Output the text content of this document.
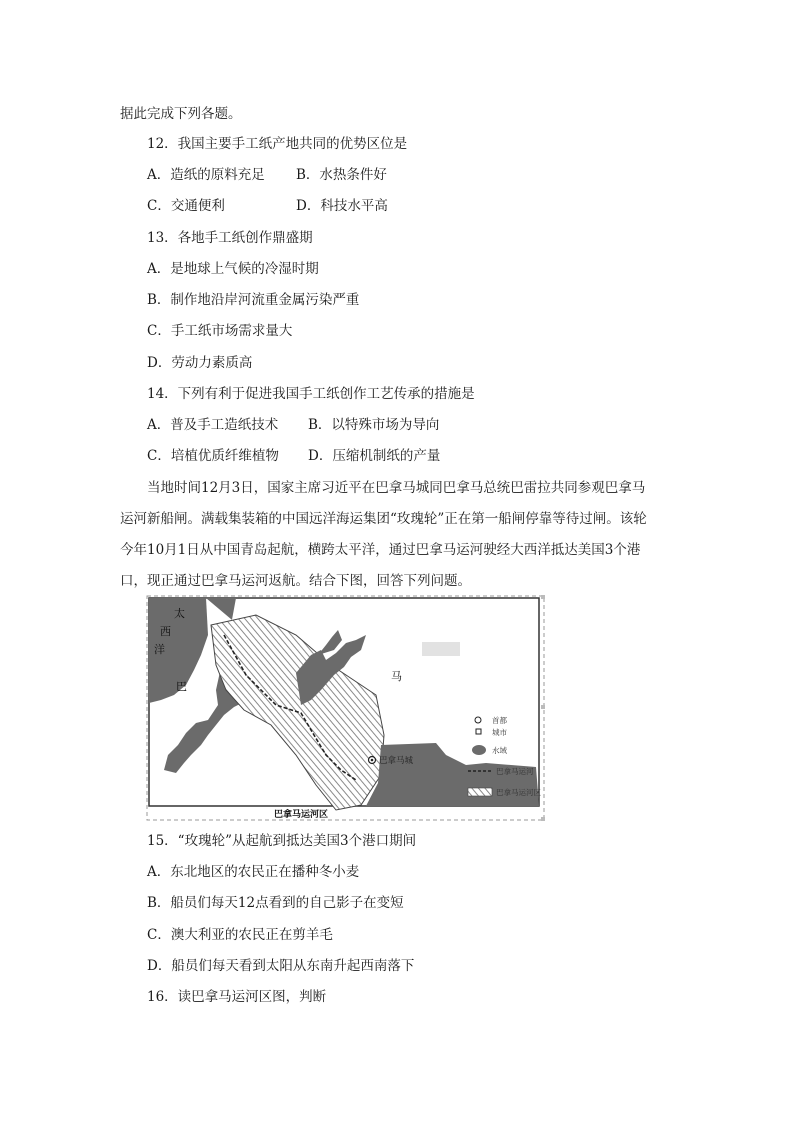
据此完成下列各题。
12．我国主要手工纸产地共同的优势区位是
A．造纸的原料充足 B．水热条件好
C．交通便利	D．科技水平高
13．各地手工纸创作鼎盛期
A．是地球上气候的冷湿时期
B．制作地沿岸河流重金属污染严重
C．手工纸市场需求量大
D．劳动力素质高
14．下列有利于促进我国手工纸创作工艺传承的措施是
A．普及手工造纸技术 B．以特殊市场为导向
C．培植优质纤维植物 D．压缩机制纸的产量
当地时间12月3日，国家主席习近平在巴拿马城同巴拿马总统巴雷拉共同参观巴拿马
运河新船闸。满载集装箱的中国远洋海运集团“玫瑰轮”正在第一船闸停靠等待过闸。该轮
今年10月1日从中国青岛起航，横跨太平洋，通过巴拿马运河驶经大西洋抵达美国3个港
口，现正通过巴拿马运河返航。结合下图，回答下列问题。
巴拿马城
太
西
洋
巴
马
首都
城市
水域
巴拿马运河
巴拿马运河区
巴拿马运河区
15．“玫瑰轮”从起航到抵达美国3个港口期间
A．东北地区的农民正在播种冬小麦
B．船员们每天12点看到的自己影子在变短
C．澳大利亚的农民正在剪羊毛
D．船员们每天看到太阳从东南升起西南落下
16．读巴拿马运河区图，判断
